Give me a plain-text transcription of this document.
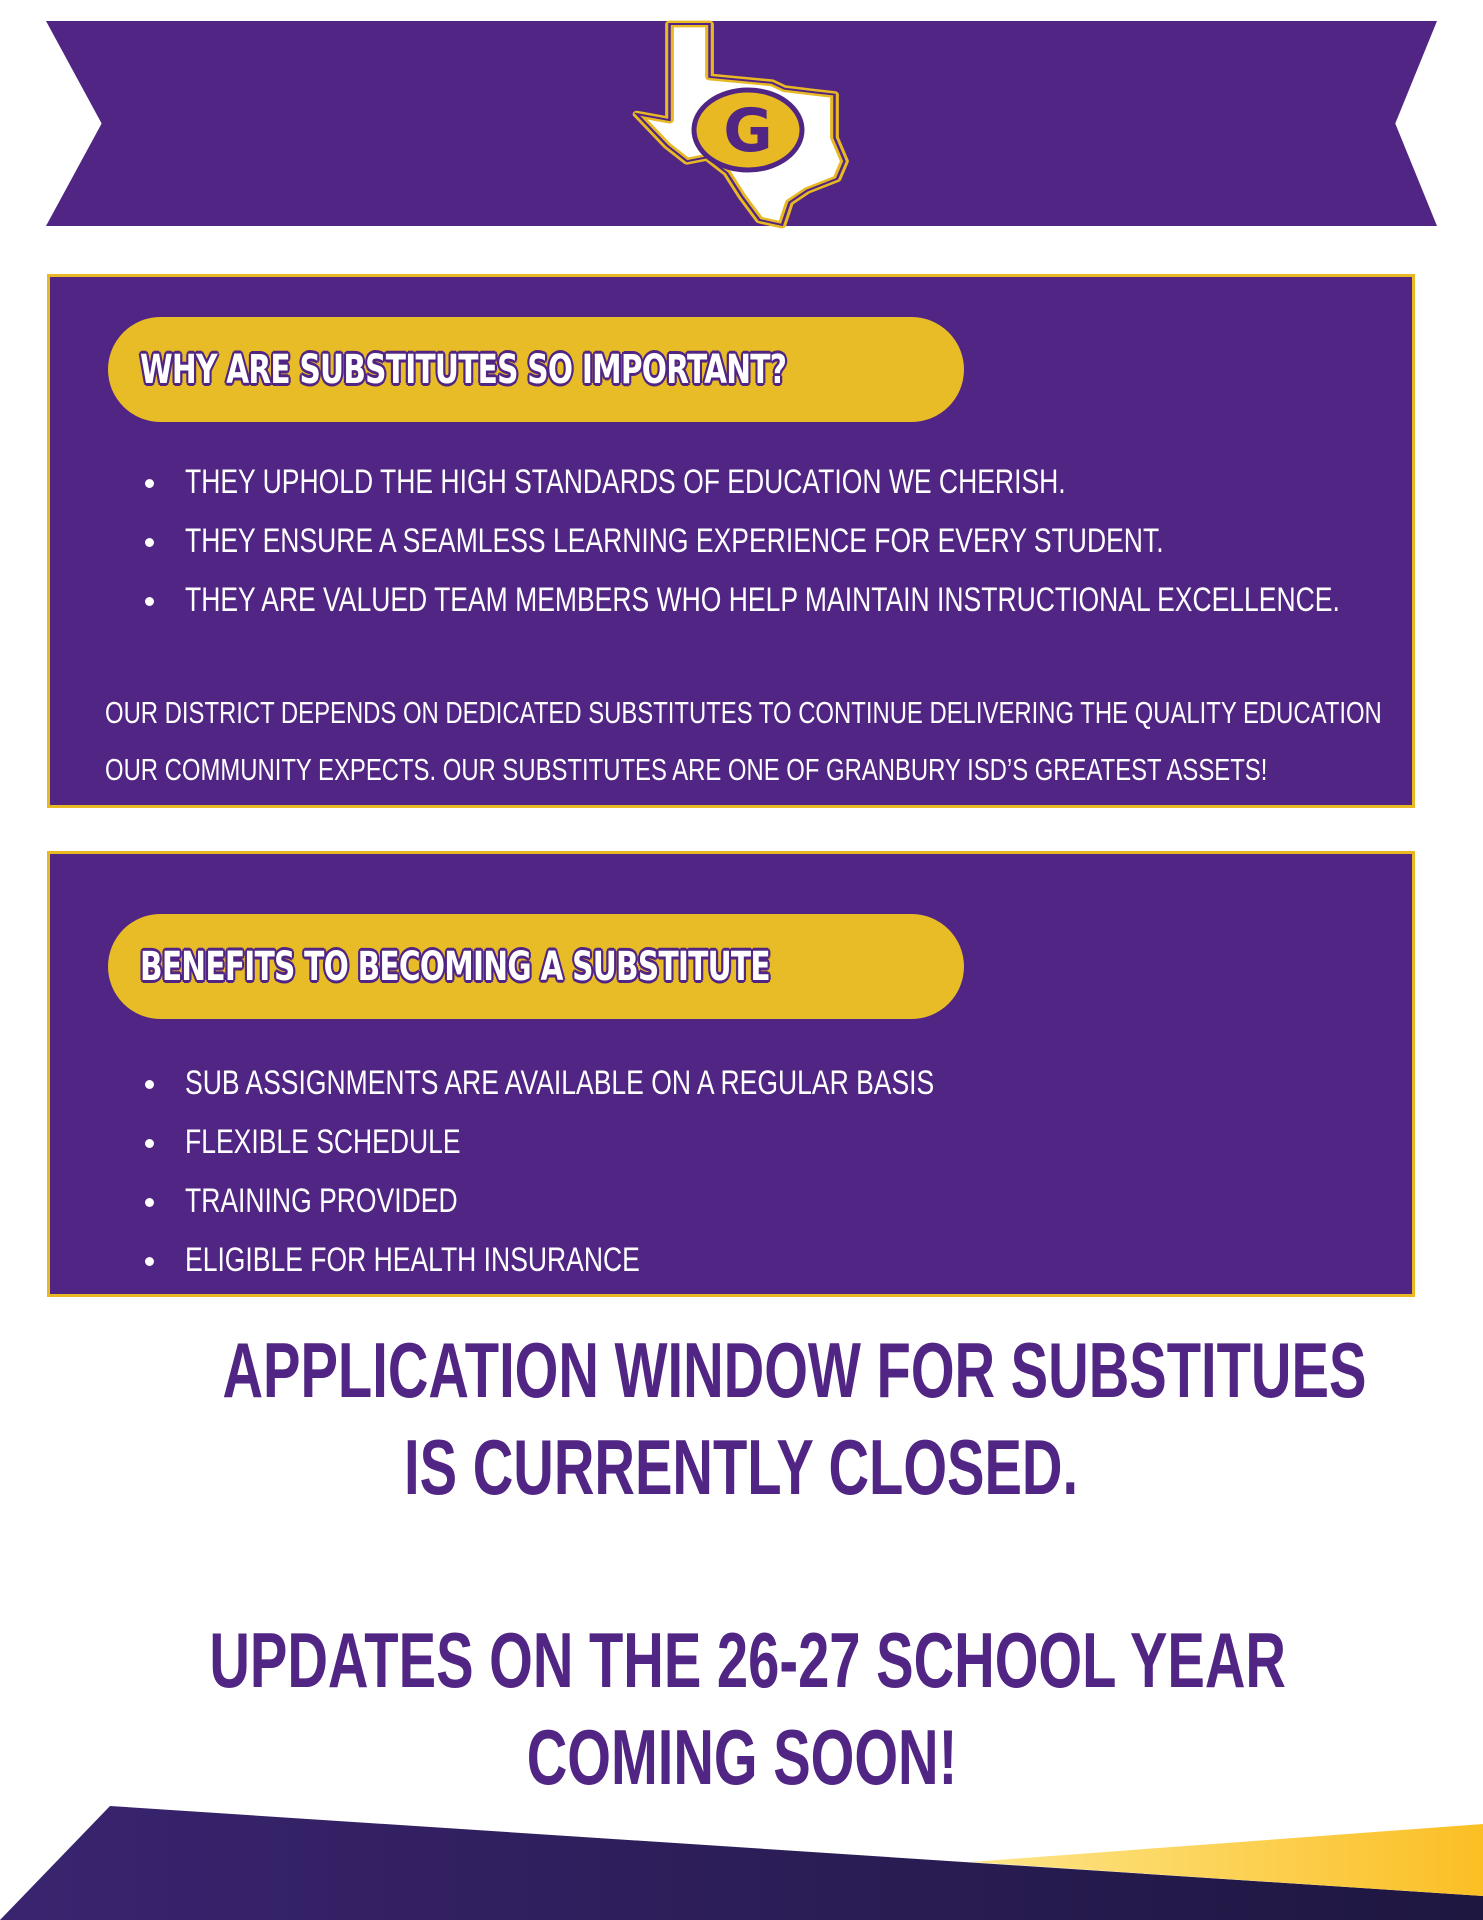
G
WHY ARE SUBSTITUTES SO IMPORTANT?
THEY UPHOLD THE HIGH STANDARDS OF EDUCATION WE CHERISH.
THEY ENSURE A SEAMLESS LEARNING EXPERIENCE FOR EVERY STUDENT.
THEY ARE VALUED TEAM MEMBERS WHO HELP MAINTAIN INSTRUCTIONAL EXCELLENCE.

OUR DISTRICT DEPENDS ON DEDICATED SUBSTITUTES TO CONTINUE DELIVERING THE QUALITY EDUCATION
OUR COMMUNITY EXPECTS. OUR SUBSTITUTES ARE ONE OF GRANBURY ISD’S GREATEST ASSETS!

BENEFITS TO BECOMING A SUBSTITUTE
SUB ASSIGNMENTS ARE AVAILABLE ON A REGULAR BASIS
FLEXIBLE SCHEDULE
TRAINING PROVIDED
ELIGIBLE FOR HEALTH INSURANCE
APPLICATION WINDOW FOR SUBSTITUES
IS CURRENTLY CLOSED.
UPDATES ON THE 26-27 SCHOOL YEAR
COMING SOON!
